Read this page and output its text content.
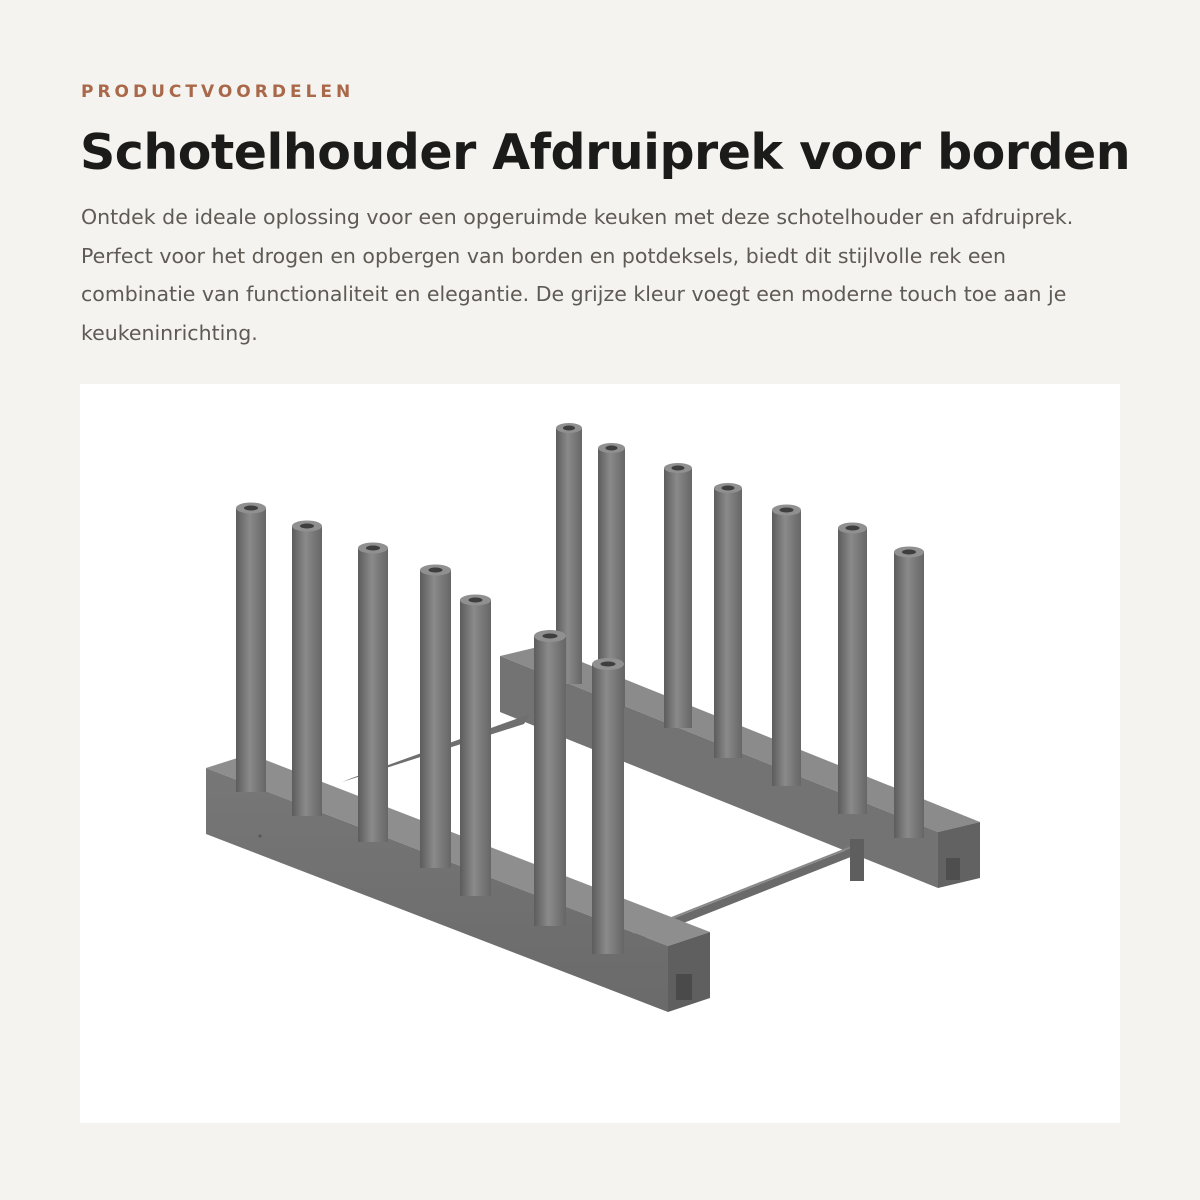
PRODUCTVOORDELEN
Schotelhouder Afdruiprek voor borden

Ontdek de ideale oplossing voor een opgeruimde keuken met deze schotelhouder en afdruiprek. Perfect voor het drogen en opbergen van borden en potdeksels, biedt dit stijlvolle rek een combinatie van functionaliteit en elegantie. De grijze kleur voegt een moderne touch toe aan je keukeninrichting.
